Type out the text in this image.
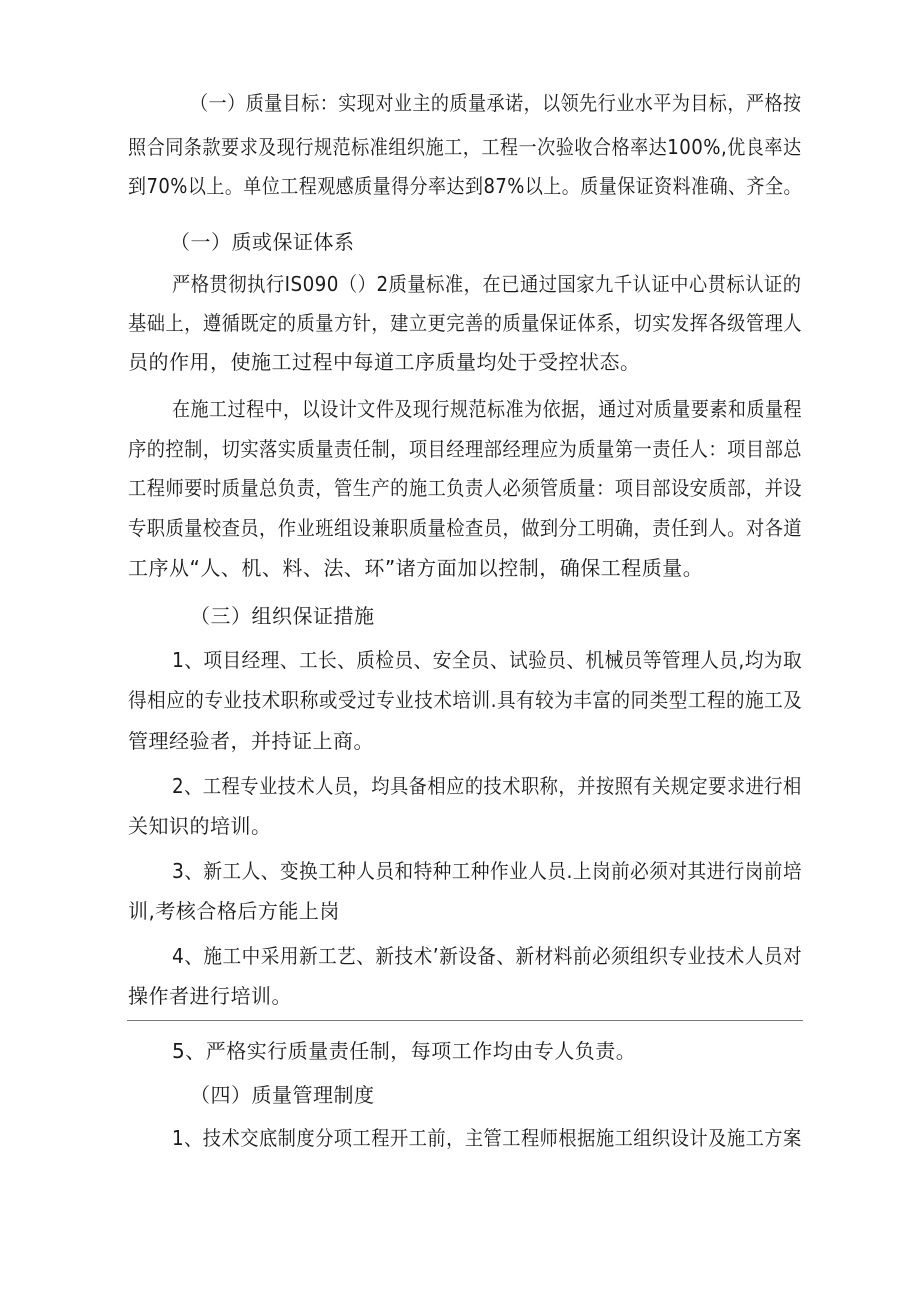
（一）质量目标：实现对业主的质量承诺，以领先行业水平为目标，严格按
照合同条款要求及现行规范标准组织施工，工程一次验收合格率达100%,优良率达
到70%以上。单位工程观感质量得分率达到87%以上。质量保证资料准确、齐全。
（一）质或保证体系
严格贯彻执行IS090（）2质量标准，在已通过国家九千认证中心贯标认证的
基础上，遵循既定的质量方针，建立更完善的质量保证体系，切实发挥各级管理人
员的作用，使施工过程中每道工序质量均处于受控状态。
在施工过程中，以设计文件及现行规范标准为依据，通过对质量要素和质量程
序的控制，切实落实质量责任制，项目经理部经理应为质量第一责任人：项目部总
工程师要时质量总负责，管生产的施工负责人必须管质量：项目部设安质部，并设
专职质量校查员，作业班组设兼职质量检查员，做到分工明确，责任到人。对各道
工序从“人、机、料、法、环”诸方面加以控制，确保工程质量。
（三）组织保证措施
1、项目经理、工长、质检员、安全员、试验员、机械员等管理人员,均为取
得相应的专业技术职称或受过专业技术培训.具有较为丰富的同类型工程的施工及
管理经验者，并持证上商。
2、工程专业技术人员，均具备相应的技术职称，并按照有关规定要求进行相
关知识的培训。
3、新工人、变换工种人员和特种工种作业人员.上岗前必须对其进行岗前培
训,考核合格后方能上岗
4、施工中采用新工艺、新技术’新设备、新材料前必须组织专业技术人员对
操作者进行培训。
5、严格实行质量责任制，每项工作均由专人负责。
（四）质量管理制度
1、技术交底制度分项工程开工前，主管工程师根据施工组织设计及施工方案
